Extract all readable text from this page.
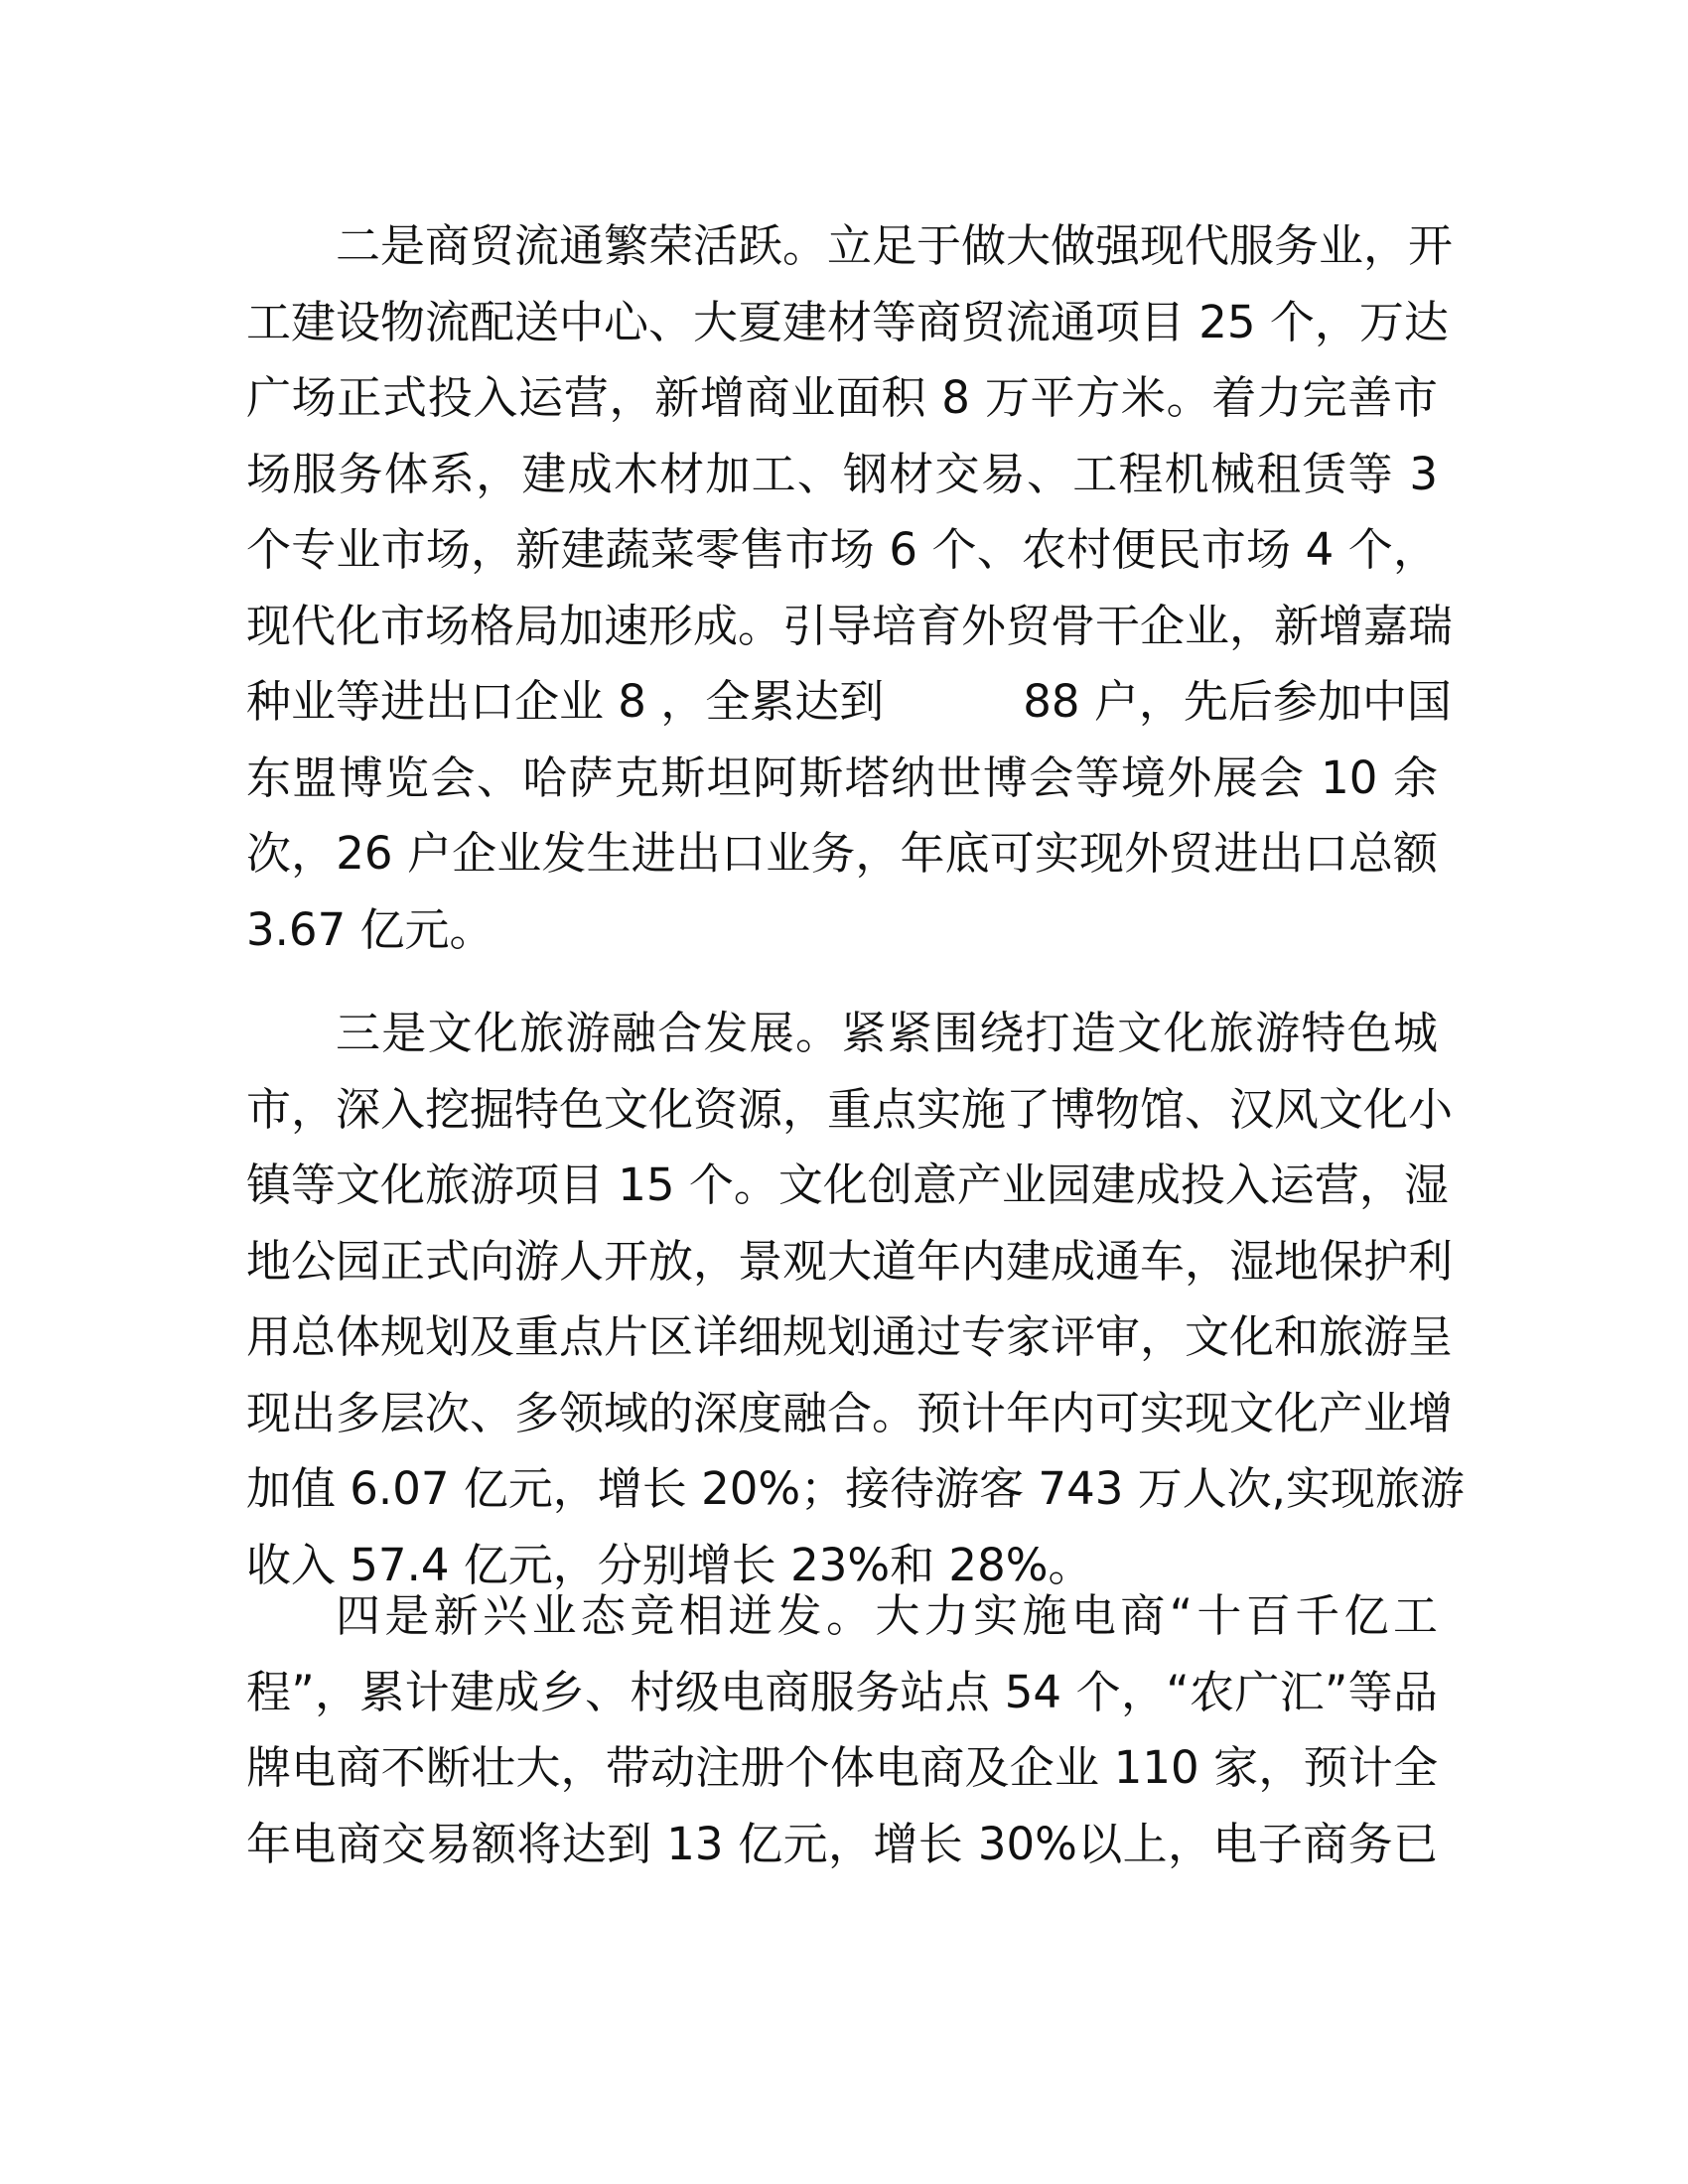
二是商贸流通繁荣活跃。立足于做大做强现代服务业，开
工建设物流配送中心、大夏建材等商贸流通项目 25 个，万达
广场正式投入运营，新增商业面积 8 万平方米。着力完善市
场服务体系，建成木材加工、钢材交易、工程机械租赁等 3
个专业市场，新建蔬菜零售市场 6 个、农村便民市场 4 个，
现代化市场格局加速形成。引导培育外贸骨干企业，新增嘉瑞
种业等进出口企业 8 ，全累达到	88 户，先后参加中国
东盟博览会、哈萨克斯坦阿斯塔纳世博会等境外展会 10 余
次，26 户企业发生进出口业务，年底可实现外贸进出口总额
3.67 亿元。
三是文化旅游融合发展。紧紧围绕打造文化旅游特色城
市，深入挖掘特色文化资源，重点实施了博物馆、汉风文化小
镇等文化旅游项目 15 个。文化创意产业园建成投入运营，湿
地公园正式向游人开放，景观大道年内建成通车，湿地保护利
用总体规划及重点片区详细规划通过专家评审，文化和旅游呈
现出多层次、多领域的深度融合。预计年内可实现文化产业增
加值 6.07 亿元，增长 20%；接待游客 743 万人次,实现旅游
收入 57.4 亿元，分别增长 23%和 28%。
四是新兴业态竞相迸发。大力实施电商“十百千亿工
程”，累计建成乡、村级电商服务站点 54 个，“农广汇”等品
牌电商不断壮大，带动注册个体电商及企业 110 家，预计全
年电商交易额将达到 13 亿元，增长 30%以上，电子商务已
